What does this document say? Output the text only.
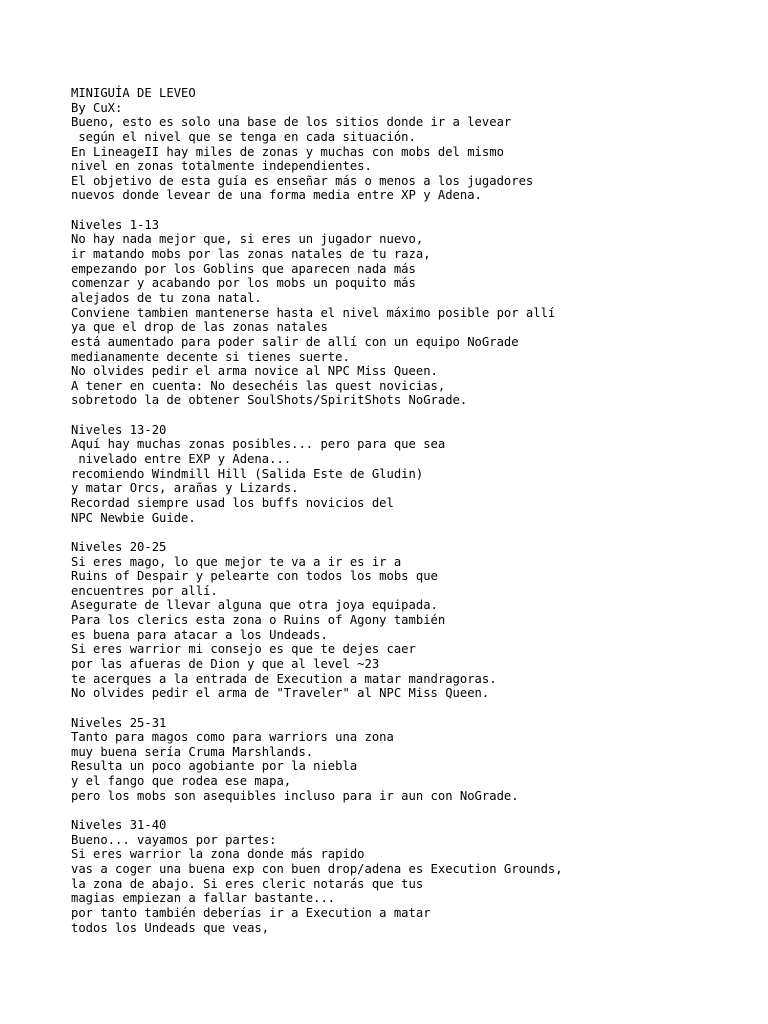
MINIGUÍA DE LEVEO
By CuX:
Bueno, esto es solo una base de los sitios donde ir a levear
según el nivel que se tenga en cada situación.
En LineageII hay miles de zonas y muchas con mobs del mismo
nivel en zonas totalmente independientes.
El objetivo de esta guía es enseñar más o menos a los jugadores
nuevos donde levear de una forma media entre XP y Adena.
Niveles 1-13
No hay nada mejor que, si eres un jugador nuevo,
ir matando mobs por las zonas natales de tu raza,
empezando por los Goblins que aparecen nada más
comenzar y acabando por los mobs un poquito más
alejados de tu zona natal.
Conviene tambien mantenerse hasta el nivel máximo posible por allí
ya que el drop de las zonas natales
está aumentado para poder salir de allí con un equipo NoGrade
medianamente decente si tienes suerte.
No olvides pedir el arma novice al NPC Miss Queen.
A tener en cuenta: No desechéis las quest novicias,
sobretodo la de obtener SoulShots/SpiritShots NoGrade.
Niveles 13-20
Aquí hay muchas zonas posibles... pero para que sea
nivelado entre EXP y Adena...
recomiendo Windmill Hill (Salida Este de Gludin)
y matar Orcs, arañas y Lizards.
Recordad siempre usad los buffs novicios del
NPC Newbie Guide.
Niveles 20-25
Si eres mago, lo que mejor te va a ir es ir a
Ruins of Despair y pelearte con todos los mobs que
encuentres por allí.
Asegurate de llevar alguna que otra joya equipada.
Para los clerics esta zona o Ruins of Agony también
es buena para atacar a los Undeads.
Si eres warrior mi consejo es que te dejes caer
por las afueras de Dion y que al level ~23
te acerques a la entrada de Execution a matar mandragoras.
No olvides pedir el arma de "Traveler" al NPC Miss Queen.
Niveles 25-31
Tanto para magos como para warriors una zona
muy buena sería Cruma Marshlands.
Resulta un poco agobiante por la niebla
y el fango que rodea ese mapa,
pero los mobs son asequibles incluso para ir aun con NoGrade.
Niveles 31-40
Bueno... vayamos por partes:
Si eres warrior la zona donde más rapido
vas a coger una buena exp con buen drop/adena es Execution Grounds,
la zona de abajo. Si eres cleric notarás que tus
magias empiezan a fallar bastante...
por tanto también deberías ir a Execution a matar
todos los Undeads que veas,
